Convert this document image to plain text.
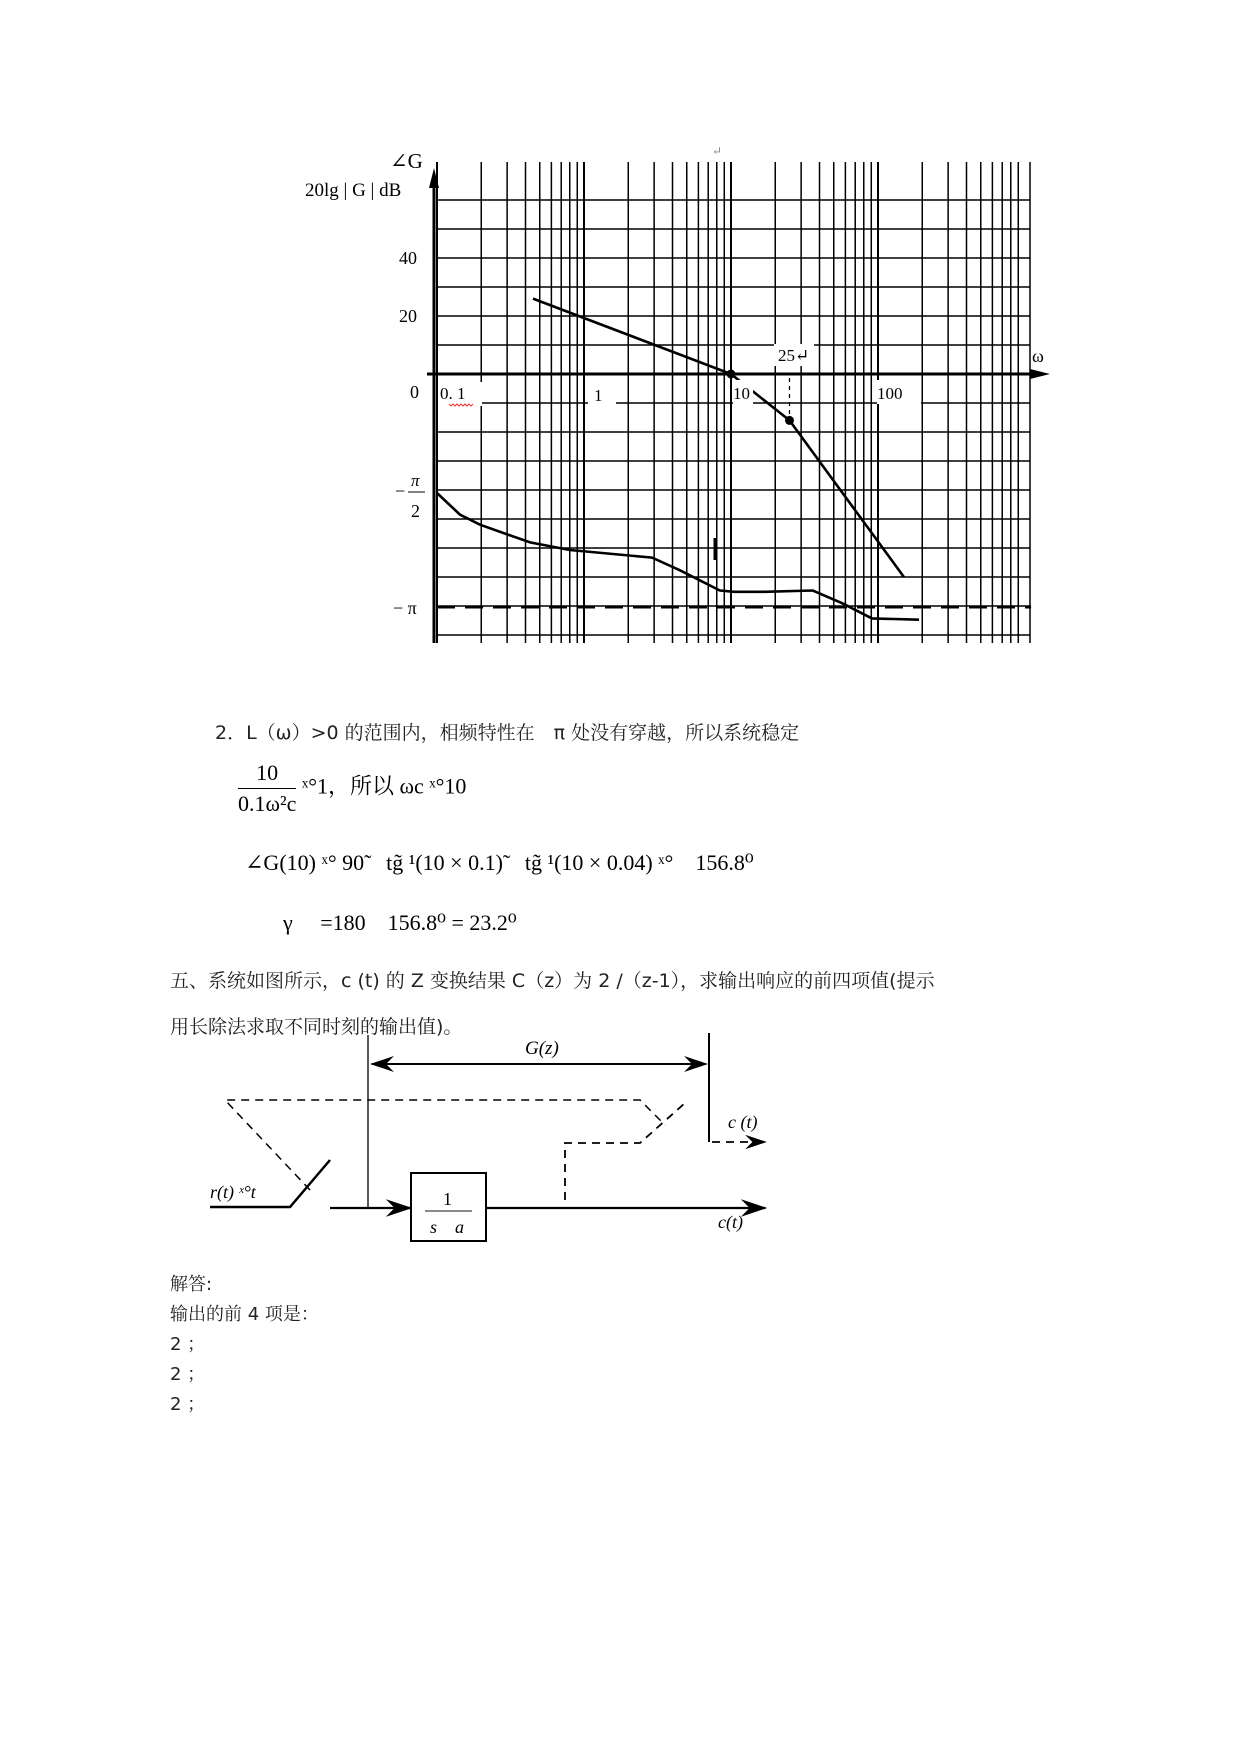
↵
∠G
20lg | G | dB
ω
40
20
0
−
π
2
− π
0. 1	1	10	100
25↵
2．L（ω）>0 的范围内，相频特性在　π 处没有穿越，所以系统稳定
$\frac{10}{\text{0.1ω²c}}$ ˣ°1，所以 ωc ˣ°10
∠G(10) ˣ° 90̃　tg̃ ¹(10 × 0.1)̃　tg̃ ¹(10 × 0.04) ˣ°　156.8⁰
γ　 =180　156.8⁰ = 23.2⁰
五、系统如图所示，c (t) 的 Z 变换结果 C（z）为 2 /（z-1），求输出响应的前四项值(提示
用长除法求取不同时刻的输出值)。
G(z)
c (t)
c(t)
r(t) ˣ°t	1
s　a
解答:
输出的前 4 项是：
2 ；
2 ；
2 ；
